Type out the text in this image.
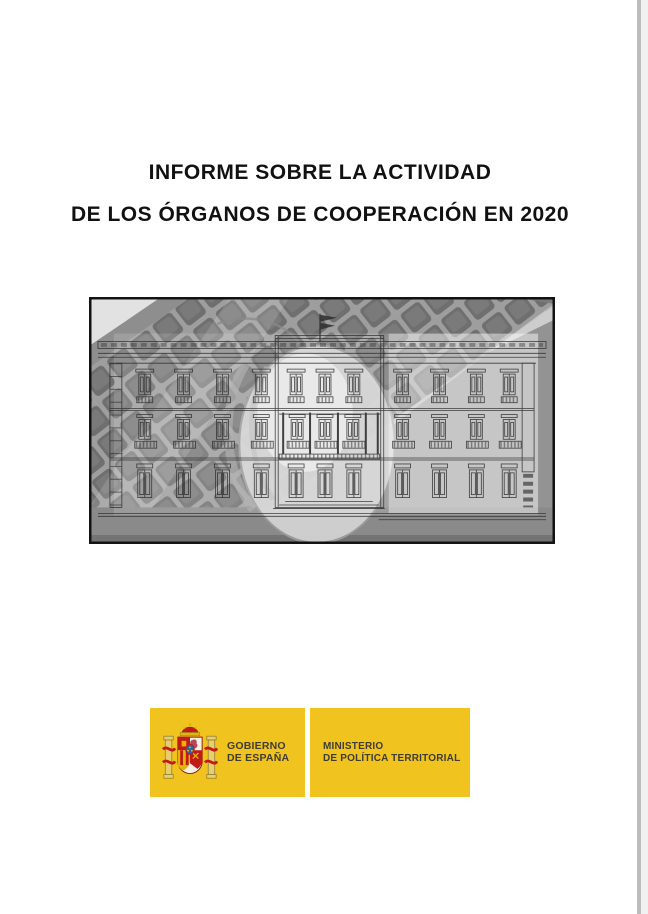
INFORME SOBRE LA ACTIVIDAD
DE LOS ÓRGANOS DE COOPERACIÓN EN 2020
GOBIERNO
DE ESPAÑA
MINISTERIO
DE POLÍTICA TERRITORIAL
